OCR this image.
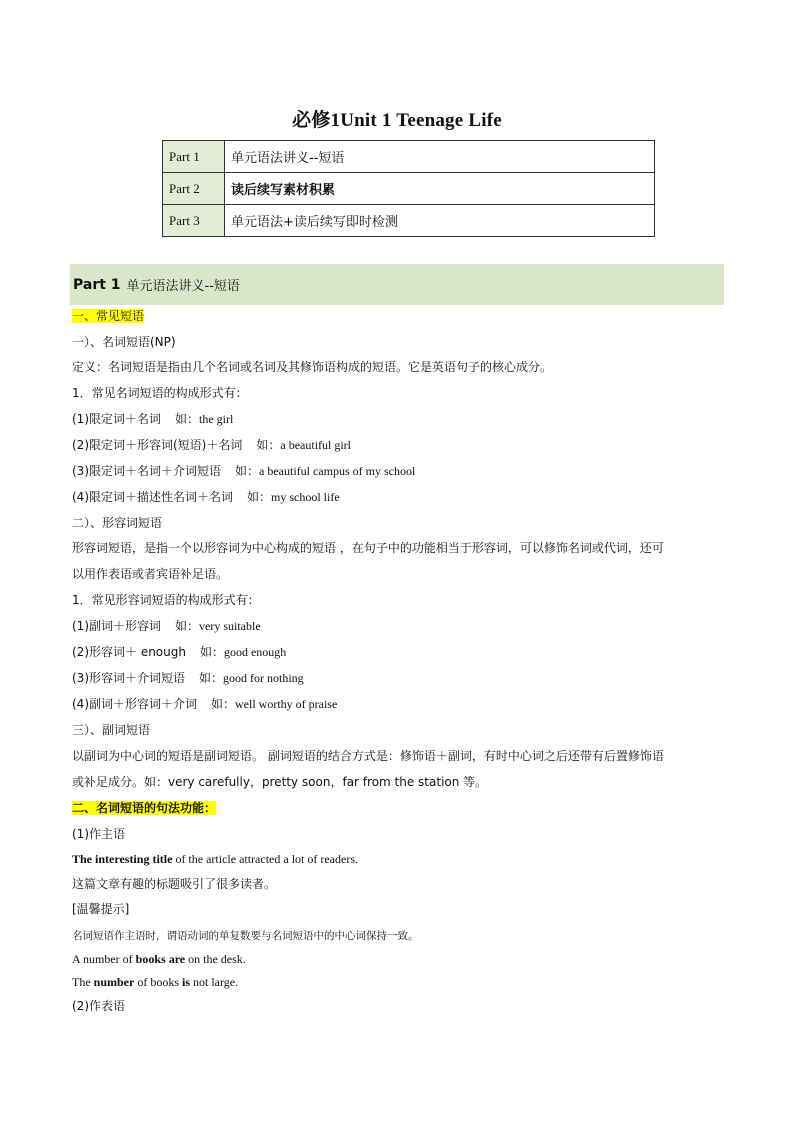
必修1Unit 1 Teenage Life
Part 1	单元语法讲义--短语
Part 2	读后续写素材积累
Part 3	单元语法+读后续写即时检测
Part 1 单元语法讲义--短语
一、常见短语
一）、名词短语(NP)
定义：名词短语是指由几个名词或名词及其修饰语构成的短语。它是英语句子的核心成分。
1．常见名词短语的构成形式有：
(1)限定词＋名词 如：the girl
(2)限定词＋形容词(短语)＋名词 如：a beautiful girl
(3)限定词＋名词＋介词短语 如：a beautiful campus of my school
(4)限定词＋描述性名词＋名词 如：my school life
二）、形容词短语
形容词短语，是指一个以形容词为中心构成的短语 ，在句子中的功能相当于形容词，可以修饰名词或代词，还可
以用作表语或者宾语补足语。
1．常见形容词短语的构成形式有：
(1)副词＋形容词 如：very suitable
(2)形容词＋ enough 如：good enough
(3)形容词＋介词短语 如：good for nothing
(4)副词＋形容词＋介词 如：well worthy of praise
三）、副词短语
以副词为中心词的短语是副词短语。 副词短语的结合方式是：修饰语＋副词，有时中心词之后还带有后置修饰语
或补足成分。如：very carefully，pretty soon，far from the station 等。
二、名词短语的句法功能：
(1)作主语
The interesting title of the article attracted a lot of readers.
这篇文章有趣的标题吸引了很多读者。
[温馨提示]
名词短语作主语时，谓语动词的单复数要与名词短语中的中心词保持一致。
A number of books are on the desk.
The number of books is not large.
(2)作表语
